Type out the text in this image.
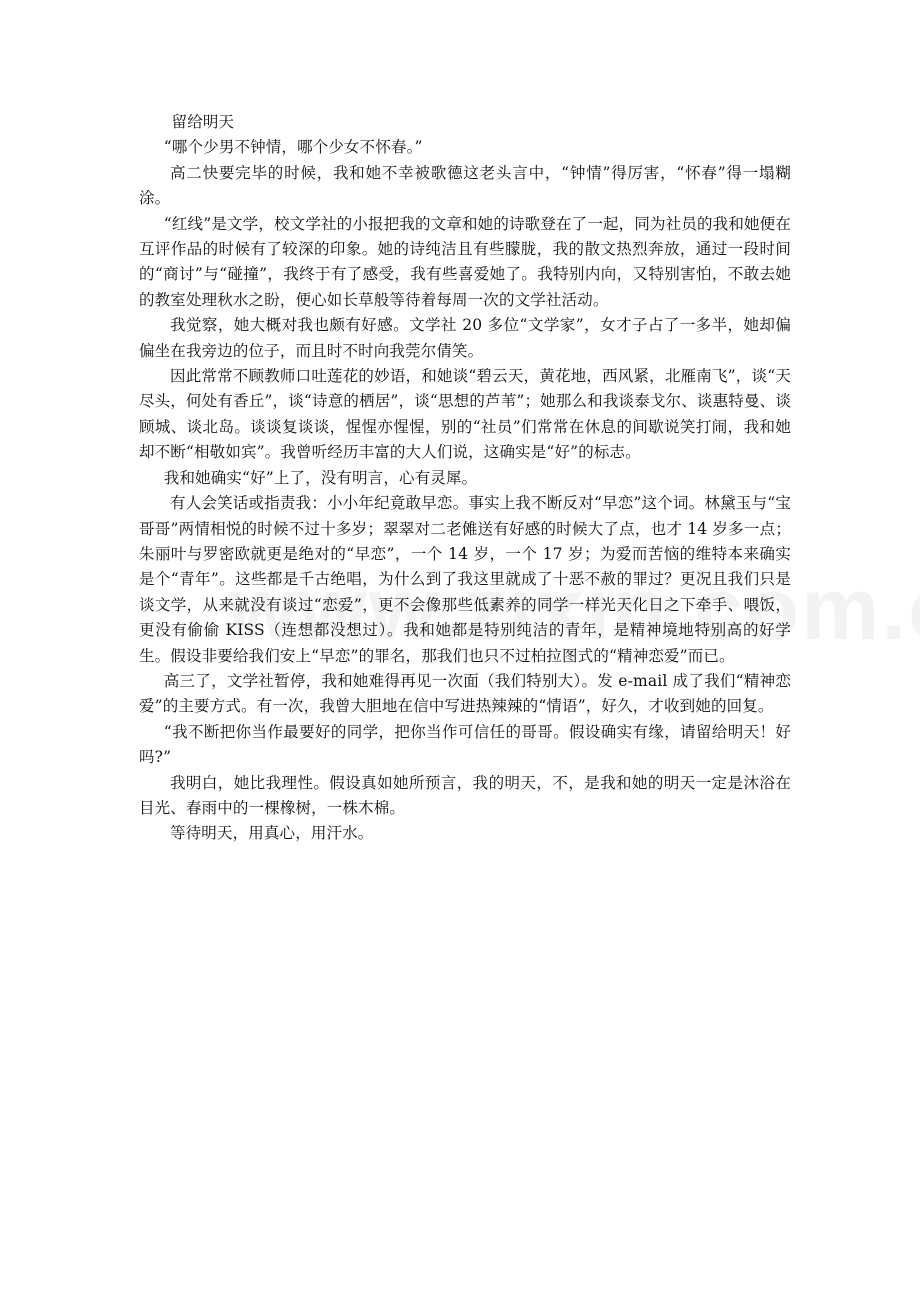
留给明天

“哪个少男不钟情，哪个少女不怀春。”

高二快要完毕的时候，我和她不幸被歌德这老头言中，“钟情”得厉害，“怀春”得一塌糊涂。

“红线”是文学，校文学社的小报把我的文章和她的诗歌登在了一起，同为社员的我和她便在互评作品的时候有了较深的印象。她的诗纯洁且有些朦胧，我的散文热烈奔放，通过一段时间的“商讨”与“碰撞”，我终于有了感受，我有些喜爱她了。我特别内向，又特别害怕，不敢去她的教室处理秋水之盼，便心如长草般等待着每周一次的文学社活动。

我觉察，她大概对我也颇有好感。文学社 20 多位“文学家”，女才子占了一多半，她却偏偏坐在我旁边的位子，而且时不时向我莞尔倩笑。

因此常常不顾教师口吐莲花的妙语，和她谈“碧云天，黄花地，西风紧，北雁南飞”，谈“天尽头，何处有香丘”，谈“诗意的栖居”，谈“思想的芦苇”；她那么和我谈泰戈尔、谈惠特曼、谈顾城、谈北岛。谈谈复谈谈，惺惺亦惺惺，别的“社员”们常常在休息的间歇说笑打闹，我和她却不断“相敬如宾”。我曾听经历丰富的大人们说，这确实是“好”的标志。

我和她确实“好”上了，没有明言，心有灵犀。

有人会笑话或指责我：小小年纪竟敢早恋。事实上我不断反对“早恋”这个词。林黛玉与“宝哥哥”两情相悦的时候不过十多岁；翠翠对二老傩送有好感的时候大了点，也才 14 岁多一点；朱丽叶与罗密欧就更是绝对的“早恋”，一个 14 岁，一个 17 岁；为爱而苦恼的维特本来确实是个“青年”。这些都是千古绝唱，为什么到了我这里就成了十恶不赦的罪过？更况且我们只是谈文学，从来就没有谈过“恋爱”，更不会像那些低素养的同学一样光天化日之下牵手、喂饭，更没有偷偷 KISS（连想都没想过）。我和她都是特别纯洁的青年，是精神境地特别高的好学生。假设非要给我们安上“早恋”的罪名，那我们也只不过柏拉图式的“精神恋爱”而已。

高三了，文学社暂停，我和她难得再见一次面（我们特别大）。发 e-mail 成了我们“精神恋爱”的主要方式。有一次，我曾大胆地在信中写进热辣辣的“情语”，好久，才收到她的回复。

“我不断把你当作最要好的同学，把你当作可信任的哥哥。假设确实有缘，请留给明天！好吗?”

我明白，她比我理性。假设真如她所预言，我的明天，不，是我和她的明天一定是沐浴在目光、春雨中的一棵橡树，一株木棉。

等待明天，用真心，用汗水。
